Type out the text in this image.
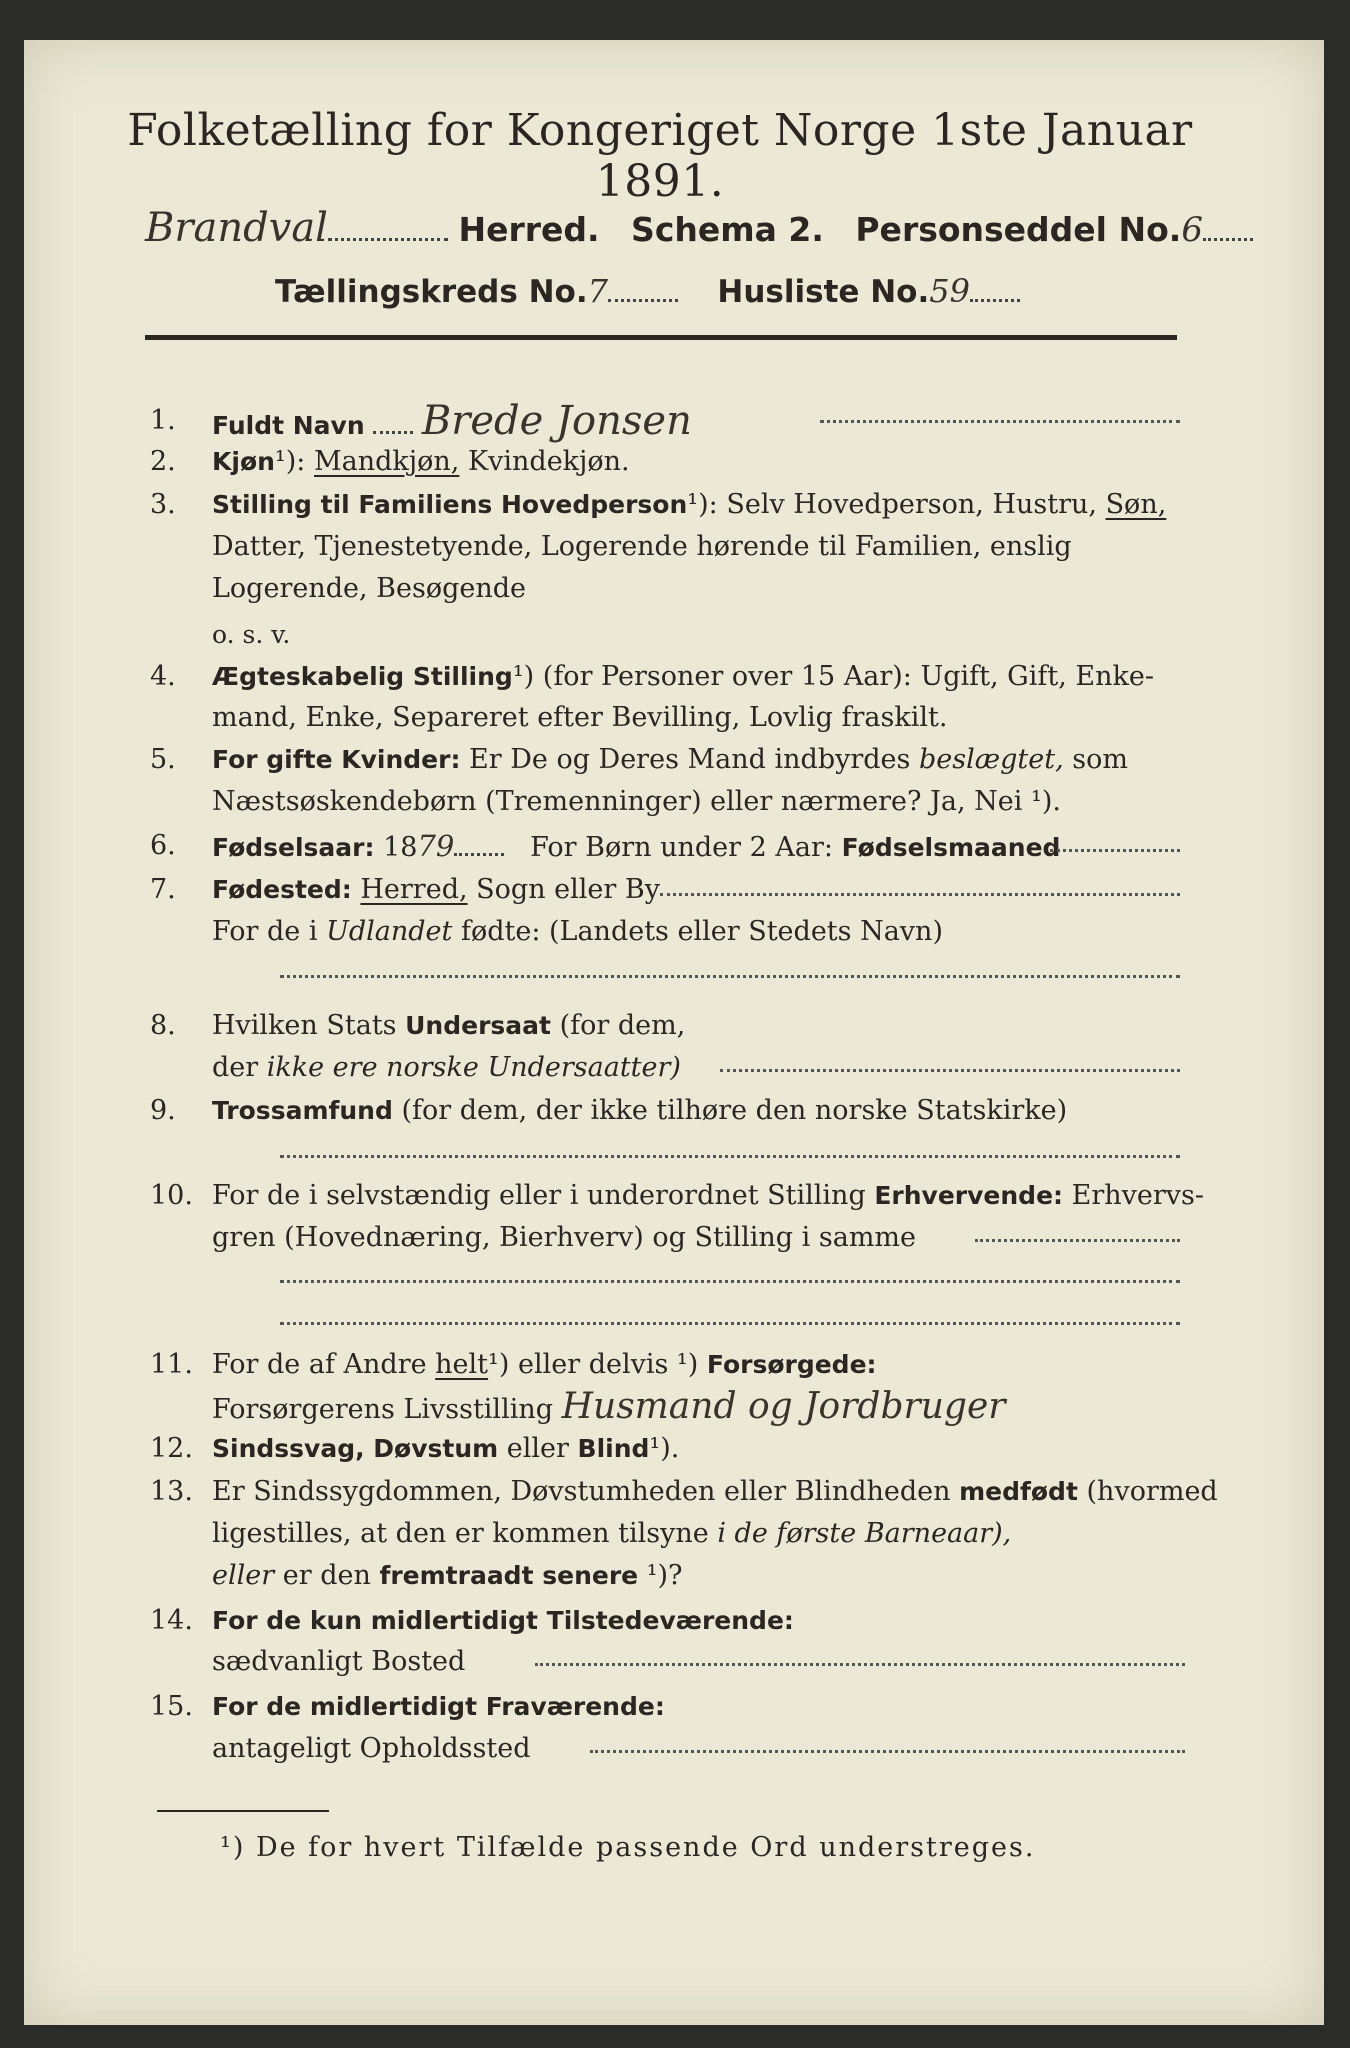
Folketælling for Kongeriget Norge 1ste Januar 1891.
Brandval	Herred. Schema 2. Personseddel No.6
Tællingskreds No.7	Husliste No.59
1.	Fuldt Navn Brede Jonsen
2.	Kjøn¹): Mandkjøn, Kvindekjøn.
3.	Stilling til Familiens Hovedperson¹): Selv Hovedperson, Hustru, Søn,
Datter, Tjenestetyende, Logerende hørende til Familien, enslig
Logerende, Besøgende
o. s. v.
4.	Ægteskabelig Stilling¹) (for Personer over 15 Aar): Ugift, Gift, Enke-
mand, Enke, Separeret efter Bevilling, Lovlig fraskilt.
5.	For gifte Kvinder: Er De og Deres Mand indbyrdes beslægtet, som
Næstsøskendebørn (Tremenninger) eller nærmere? Ja, Nei ¹).
6.	Fødselsaar: 1879	For Børn under 2 Aar: Fødselsmaaned
7.	Fødested: Herred, Sogn eller By
For de i Udlandet fødte: (Landets eller Stedets Navn)
8.	Hvilken Stats Undersaat (for dem,
der ikke ere norske Undersaatter)
9.	Trossamfund (for dem, der ikke tilhøre den norske Statskirke)
10. For de i selvstændig eller i underordnet Stilling Erhvervende: Erhvervs-
gren (Hovednæring, Bierhverv) og Stilling i samme
11. For de af Andre helt¹) eller delvis ¹) Forsørgede:
Forsørgerens Livsstilling Husmand og Jordbruger
12. Sindssvag, Døvstum eller Blind¹).
13. Er Sindssygdommen, Døvstumheden eller Blindheden medfødt (hvormed
ligestilles, at den er kommen tilsyne i de første Barneaar),
eller er den fremtraadt senere ¹)?
14. For de kun midlertidigt Tilstedeværende:
sædvanligt Bosted
15. For de midlertidigt Fraværende:
antageligt Opholdssted
¹) De for hvert Tilfælde passende Ord understreges.
